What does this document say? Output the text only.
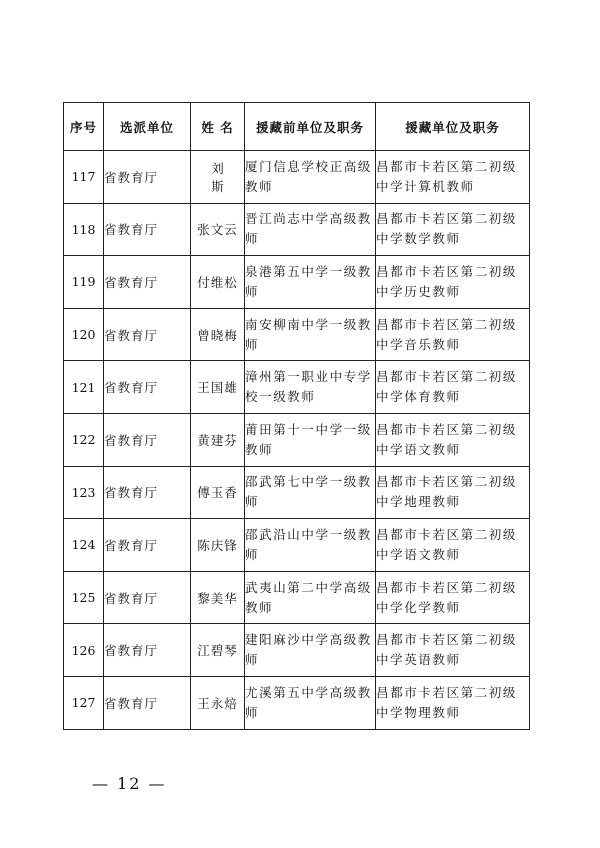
序号	选派单位	姓 名	援藏前单位及职务	援藏单位及职务
117	省教育厅	刘斯	厦门信息学校正高级教师	昌都市卡若区第二初级中学计算机教师
118	省教育厅	张文云	晋江尚志中学高级教师	昌都市卡若区第二初级中学数学教师
119	省教育厅	付维松	泉港第五中学一级教师	昌都市卡若区第二初级中学历史教师
120	省教育厅	曾晓梅	南安柳南中学一级教师	昌都市卡若区第二初级中学音乐教师
121	省教育厅	王国雄	漳州第一职业中专学校一级教师	昌都市卡若区第二初级中学体育教师
122	省教育厅	黄建芬	莆田第十一中学一级教师	昌都市卡若区第二初级中学语文教师
123	省教育厅	傅玉香	邵武第七中学一级教师	昌都市卡若区第二初级中学地理教师
124	省教育厅	陈庆锋	邵武沿山中学一级教师	昌都市卡若区第二初级中学语文教师
125	省教育厅	黎美华	武夷山第二中学高级教师	昌都市卡若区第二初级中学化学教师
126	省教育厅	江碧琴	建阳麻沙中学高级教师	昌都市卡若区第二初级中学英语教师
127	省教育厅	王永焙	尤溪第五中学高级教师	昌都市卡若区第二初级中学物理教师
— 12 —
